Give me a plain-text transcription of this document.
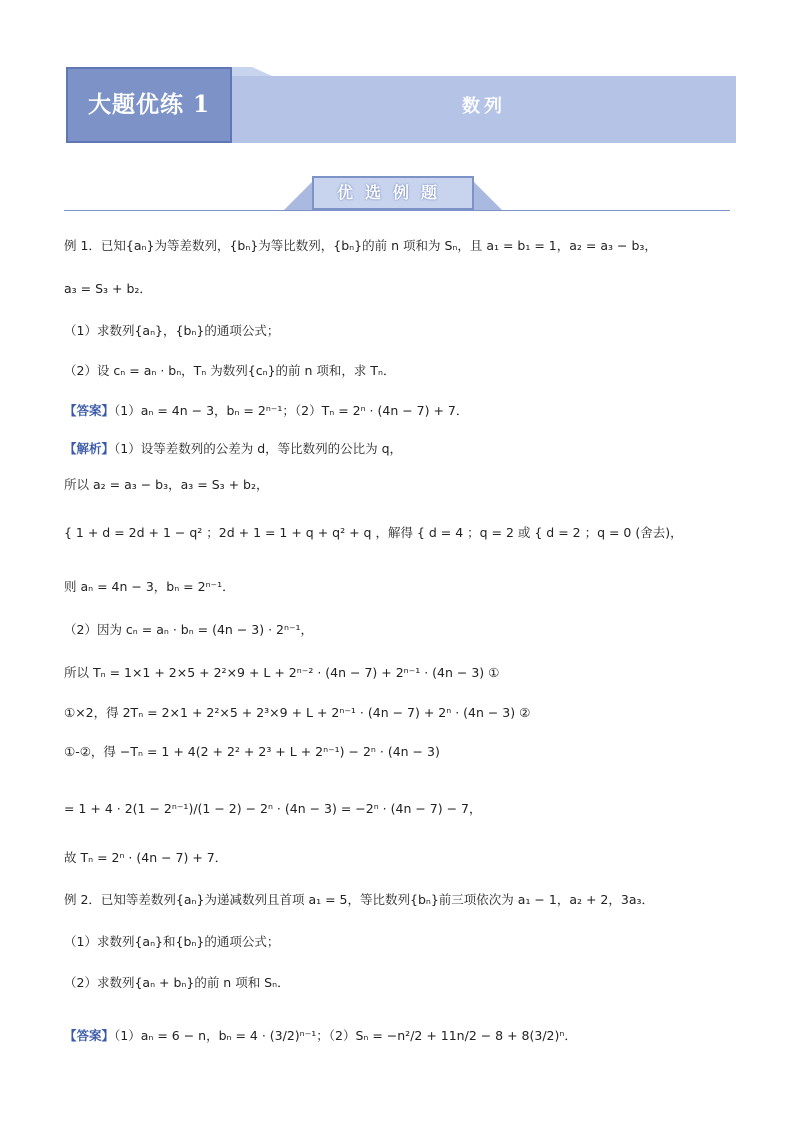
大题优练 1	数列
优选例题
例 1．已知{aₙ}为等差数列，{bₙ}为等比数列，{bₙ}的前 n 项和为 Sₙ，且 a₁ = b₁ = 1，a₂ = a₃ − b₃，
a₃ = S₃ + b₂．
（1）求数列{aₙ}，{bₙ}的通项公式；
（2）设 cₙ = aₙ · bₙ，Tₙ 为数列{cₙ}的前 n 项和，求 Tₙ．
【答案】（1）aₙ = 4n − 3，bₙ = 2ⁿ⁻¹；（2）Tₙ = 2ⁿ · (4n − 7) + 7．
【解析】（1）设等差数列的公差为 d，等比数列的公比为 q，
所以 a₂ = a₃ − b₃，a₃ = S₃ + b₂，
{ 1 + d = 2d + 1 − q² ；2d + 1 = 1 + q + q² + q ，解得 { d = 4 ；q = 2 或 { d = 2 ；q = 0 (舍去)，
则 aₙ = 4n − 3，bₙ = 2ⁿ⁻¹．
（2）因为 cₙ = aₙ · bₙ = (4n − 3) · 2ⁿ⁻¹，
所以 Tₙ = 1×1 + 2×5 + 2²×9 + L + 2ⁿ⁻² · (4n − 7) + 2ⁿ⁻¹ · (4n − 3) ①
①×2，得 2Tₙ = 2×1 + 2²×5 + 2³×9 + L + 2ⁿ⁻¹ · (4n − 7) + 2ⁿ · (4n − 3) ②
①-②，得 −Tₙ = 1 + 4(2 + 2² + 2³ + L + 2ⁿ⁻¹) − 2ⁿ · (4n − 3)
= 1 + 4 · 2(1 − 2ⁿ⁻¹)/(1 − 2) − 2ⁿ · (4n − 3) = −2ⁿ · (4n − 7) − 7，
故 Tₙ = 2ⁿ · (4n − 7) + 7．
例 2．已知等差数列{aₙ}为递减数列且首项 a₁ = 5，等比数列{bₙ}前三项依次为 a₁ − 1，a₂ + 2，3a₃．
（1）求数列{aₙ}和{bₙ}的通项公式；
（2）求数列{aₙ + bₙ}的前 n 项和 Sₙ．
【答案】（1）aₙ = 6 − n，bₙ = 4 · (3/2)ⁿ⁻¹；（2）Sₙ = −n²/2 + 11n/2 − 8 + 8(3/2)ⁿ．
